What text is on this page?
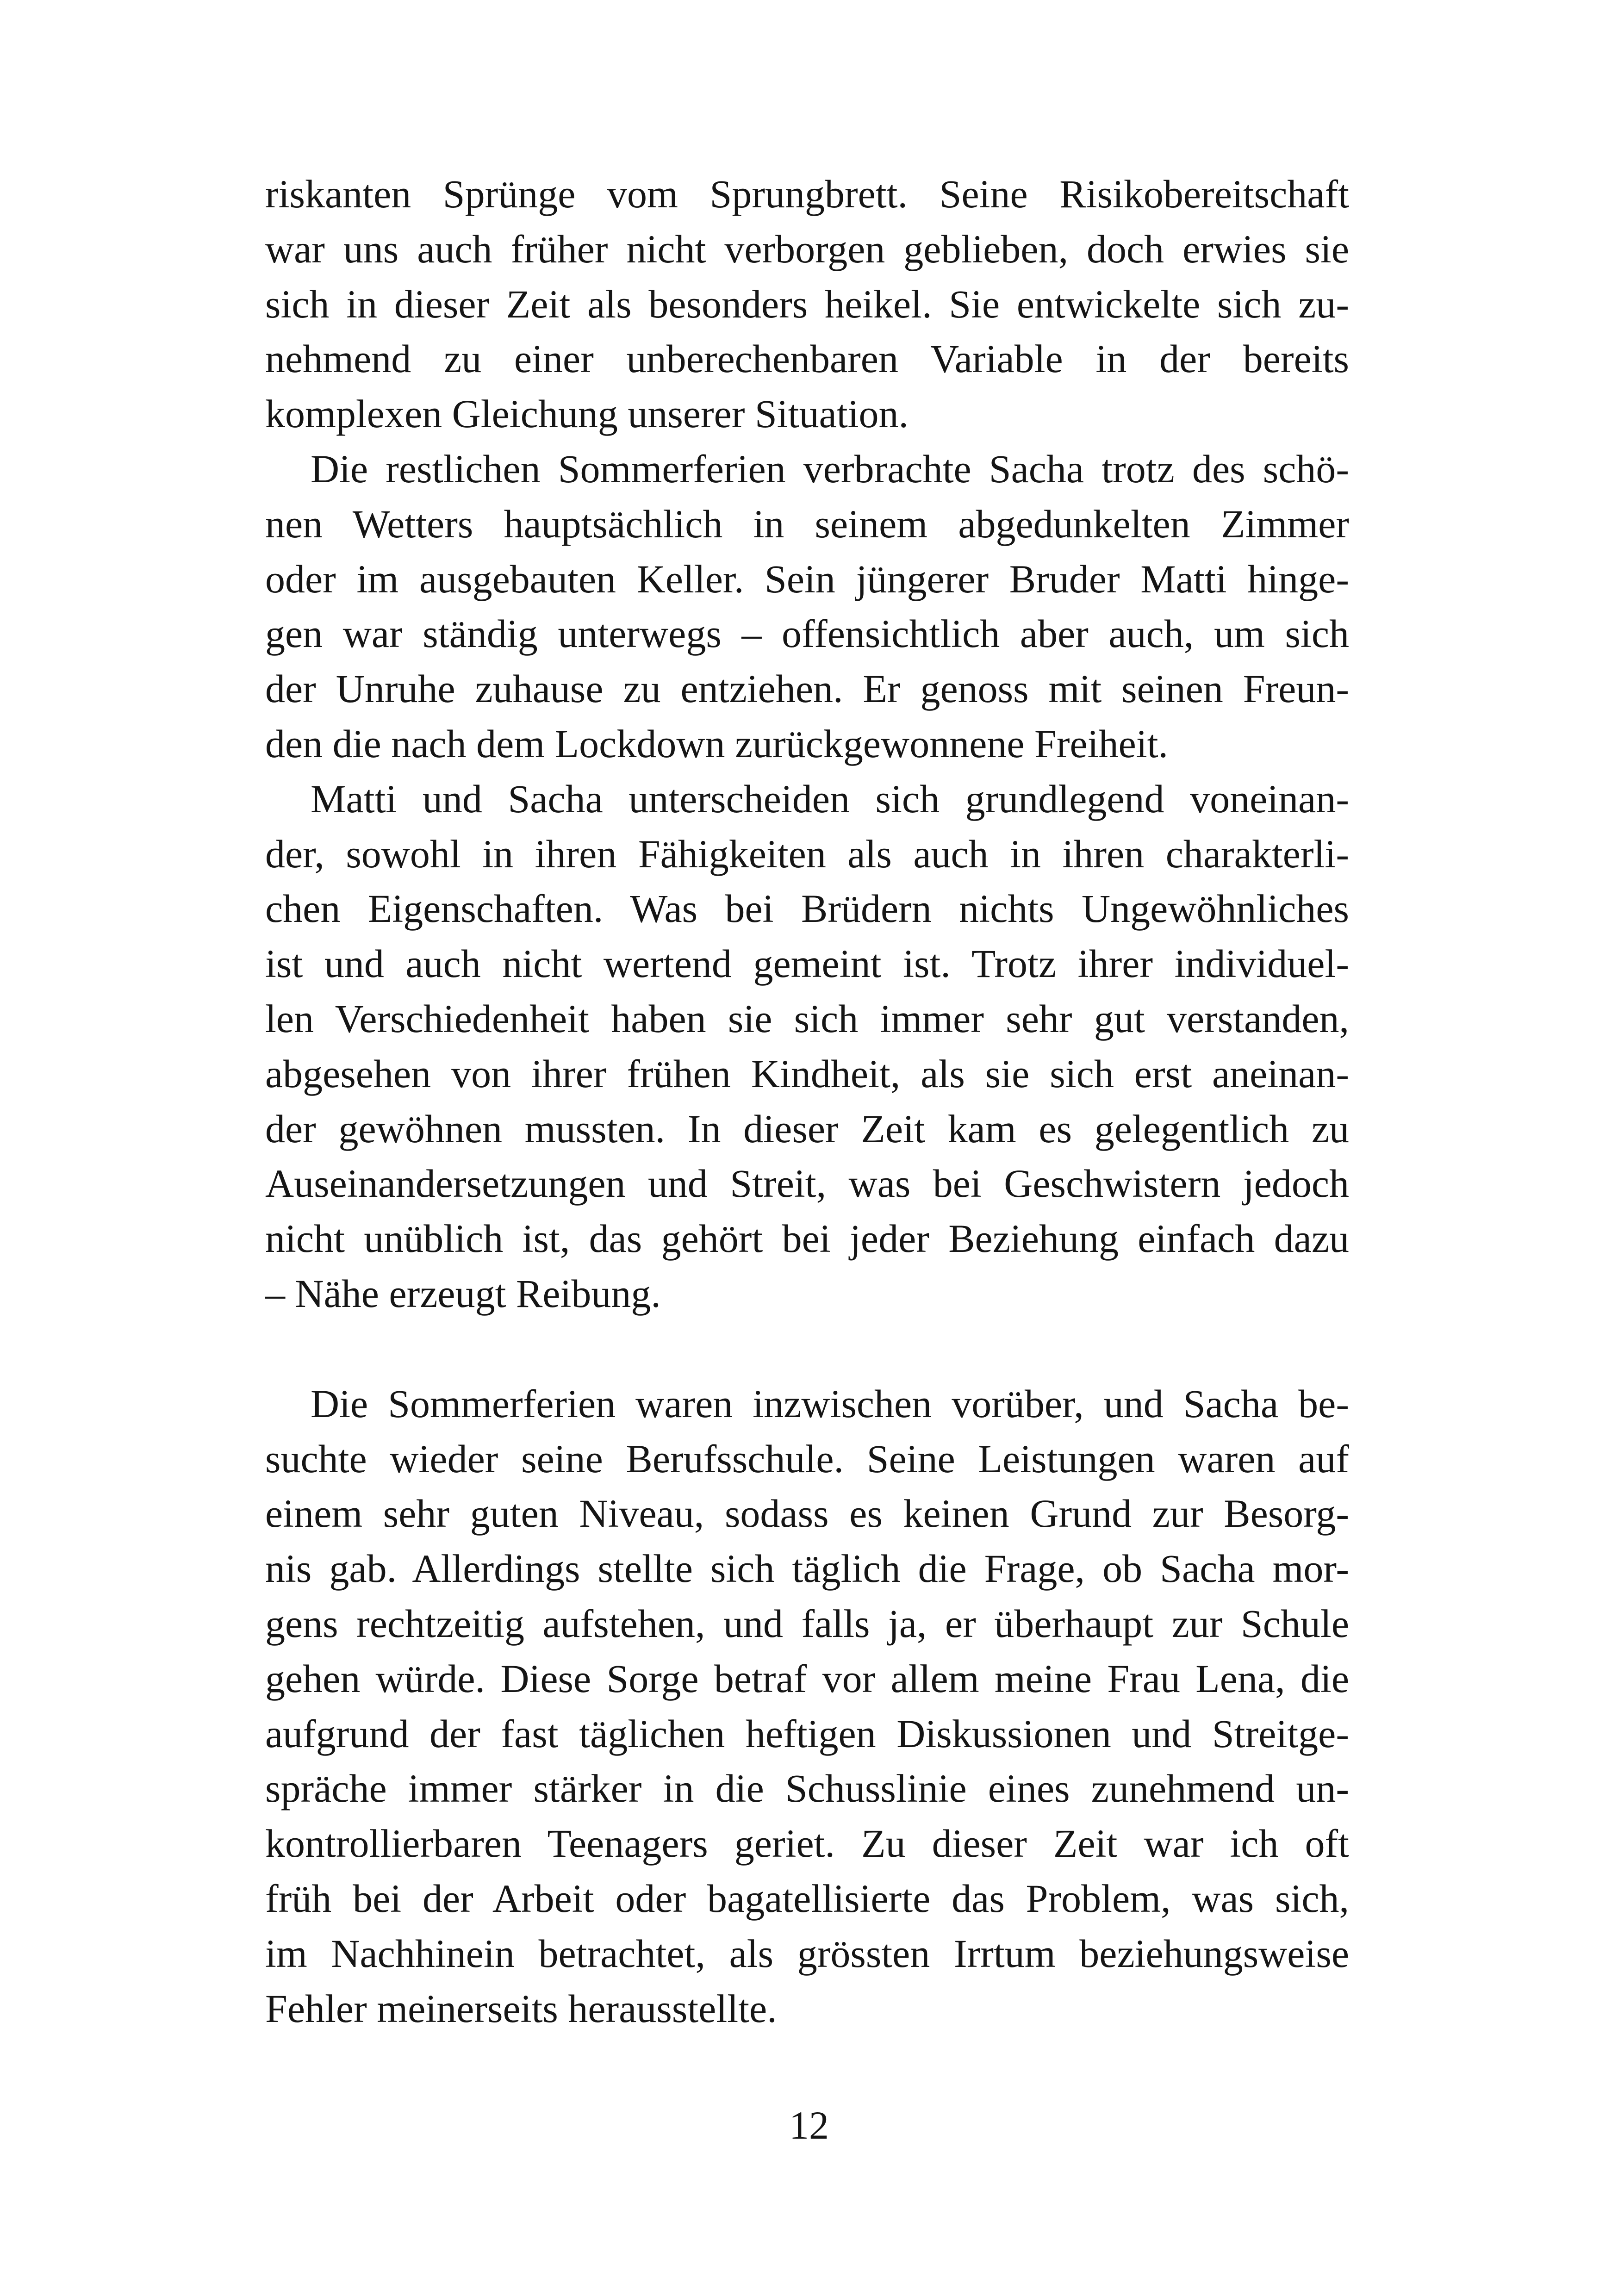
riskanten Sprünge vom Sprungbrett. Seine Risikobereitschaft
war uns auch früher nicht verborgen geblieben, doch erwies sie
sich in dieser Zeit als besonders heikel. Sie entwickelte sich zu-
nehmend zu einer unberechenbaren Variable in der bereits
komplexen Gleichung unserer Situation.

Die restlichen Sommerferien verbrachte Sacha trotz des schö-
nen Wetters hauptsächlich in seinem abgedunkelten Zimmer
oder im ausgebauten Keller. Sein jüngerer Bruder Matti hinge-
gen war ständig unterwegs – offensichtlich aber auch, um sich
der Unruhe zuhause zu entziehen. Er genoss mit seinen Freun-
den die nach dem Lockdown zurückgewonnene Freiheit.

Matti und Sacha unterscheiden sich grundlegend voneinan-
der, sowohl in ihren Fähigkeiten als auch in ihren charakterli-
chen Eigenschaften. Was bei Brüdern nichts Ungewöhnliches
ist und auch nicht wertend gemeint ist. Trotz ihrer individuel-
len Verschiedenheit haben sie sich immer sehr gut verstanden,
abgesehen von ihrer frühen Kindheit, als sie sich erst aneinan-
der gewöhnen mussten. In dieser Zeit kam es gelegentlich zu
Auseinandersetzungen und Streit, was bei Geschwistern jedoch
nicht unüblich ist, das gehört bei jeder Beziehung einfach dazu
– Nähe erzeugt Reibung.

Die Sommerferien waren inzwischen vorüber, und Sacha be-
suchte wieder seine Berufsschule. Seine Leistungen waren auf
einem sehr guten Niveau, sodass es keinen Grund zur Besorg-
nis gab. Allerdings stellte sich täglich die Frage, ob Sacha mor-
gens rechtzeitig aufstehen, und falls ja, er überhaupt zur Schule
gehen würde. Diese Sorge betraf vor allem meine Frau Lena, die
aufgrund der fast täglichen heftigen Diskussionen und Streitge-
spräche immer stärker in die Schusslinie eines zunehmend un-
kontrollierbaren Teenagers geriet. Zu dieser Zeit war ich oft
früh bei der Arbeit oder bagatellisierte das Problem, was sich,
im Nachhinein betrachtet, als grössten Irrtum beziehungsweise
Fehler meinerseits herausstellte.

12
